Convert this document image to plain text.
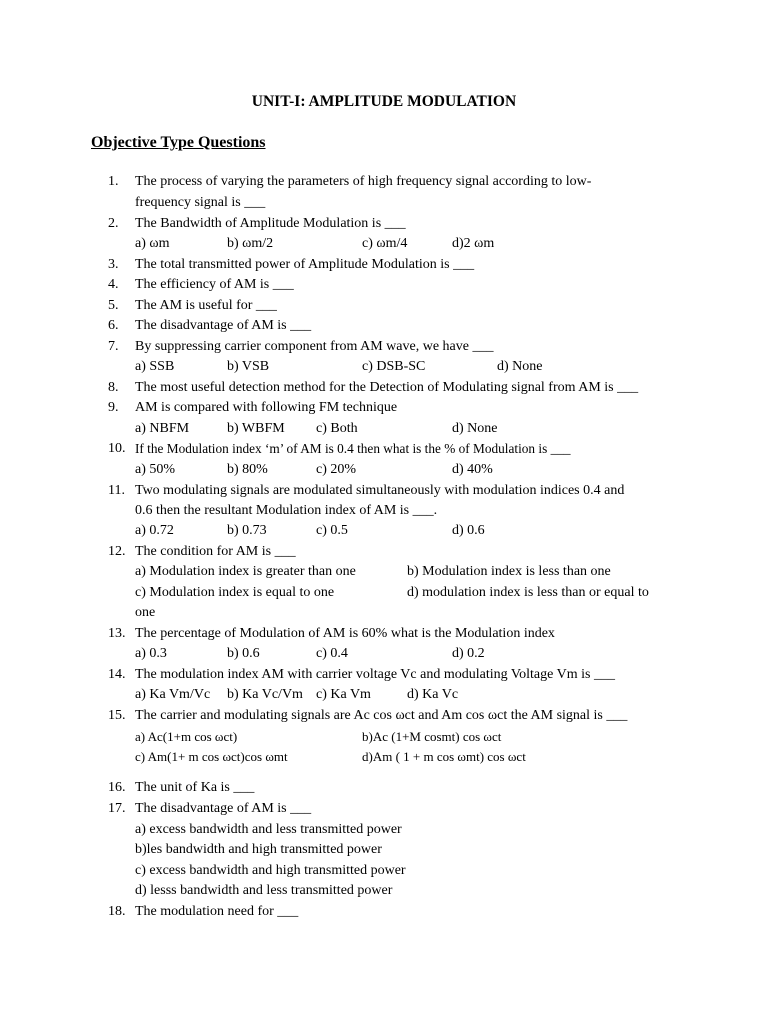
UNIT-I: AMPLITUDE MODULATION
Objective Type Questions
1. The process of varying the parameters of high frequency signal according to low-
frequency signal is ___
2. The Bandwidth of Amplitude Modulation is ___
a) ωm	b) ωm/2	c) ωm/4	d)2 ωm
3. The total transmitted power of Amplitude Modulation is ___
4. The efficiency of AM is ___
5. The AM is useful for ___
6. The disadvantage of AM is ___
7. By suppressing carrier component from AM wave, we have ___
a) SSB	b) VSB	c) DSB-SC	d) None
8. The most useful detection method for the Detection of Modulating signal from AM is ___
9. AM is compared with following FM technique
a) NBFM	b) WBFM c) Both	d) None
10. If the Modulation index ‘m’ of AM is 0.4 then what is the % of Modulation is ___
a) 50%	b) 80%	c) 20%	d) 40%
11. Two modulating signals are modulated simultaneously with modulation indices 0.4 and
0.6 then the resultant Modulation index of AM is ___.
a) 0.72	b) 0.73	c) 0.5	d) 0.6
12. The condition for AM is ___
a) Modulation index is greater than one	b) Modulation index is less than one
c) Modulation index is equal to one	d) modulation index is less than or equal to
one
13. The percentage of Modulation of AM is 60% what is the Modulation index
a) 0.3	b) 0.6	c) 0.4	d) 0.2
14. The modulation index AM with carrier voltage Vc and modulating Voltage Vm is ___
a) Ka Vm/Vc b) Ka Vc/Vm c) Ka Vm	d) Ka Vc
15. The carrier and modulating signals are Ac cos ωct and Am cos ωct the AM signal is ___
a) Ac(1+m cos ωct)	b)Ac (1+M cosmt) cos ωct
c) Am(1+ m cos ωct)cos ωmt	d)Am ( 1 + m cos ωmt) cos ωct
16. The unit of Ka is ___
17. The disadvantage of AM is ___
a) excess bandwidth and less transmitted power
b)les bandwidth and high transmitted power
c) excess bandwidth and high transmitted power
d) lesss bandwidth and less transmitted power
18. The modulation need for ___
